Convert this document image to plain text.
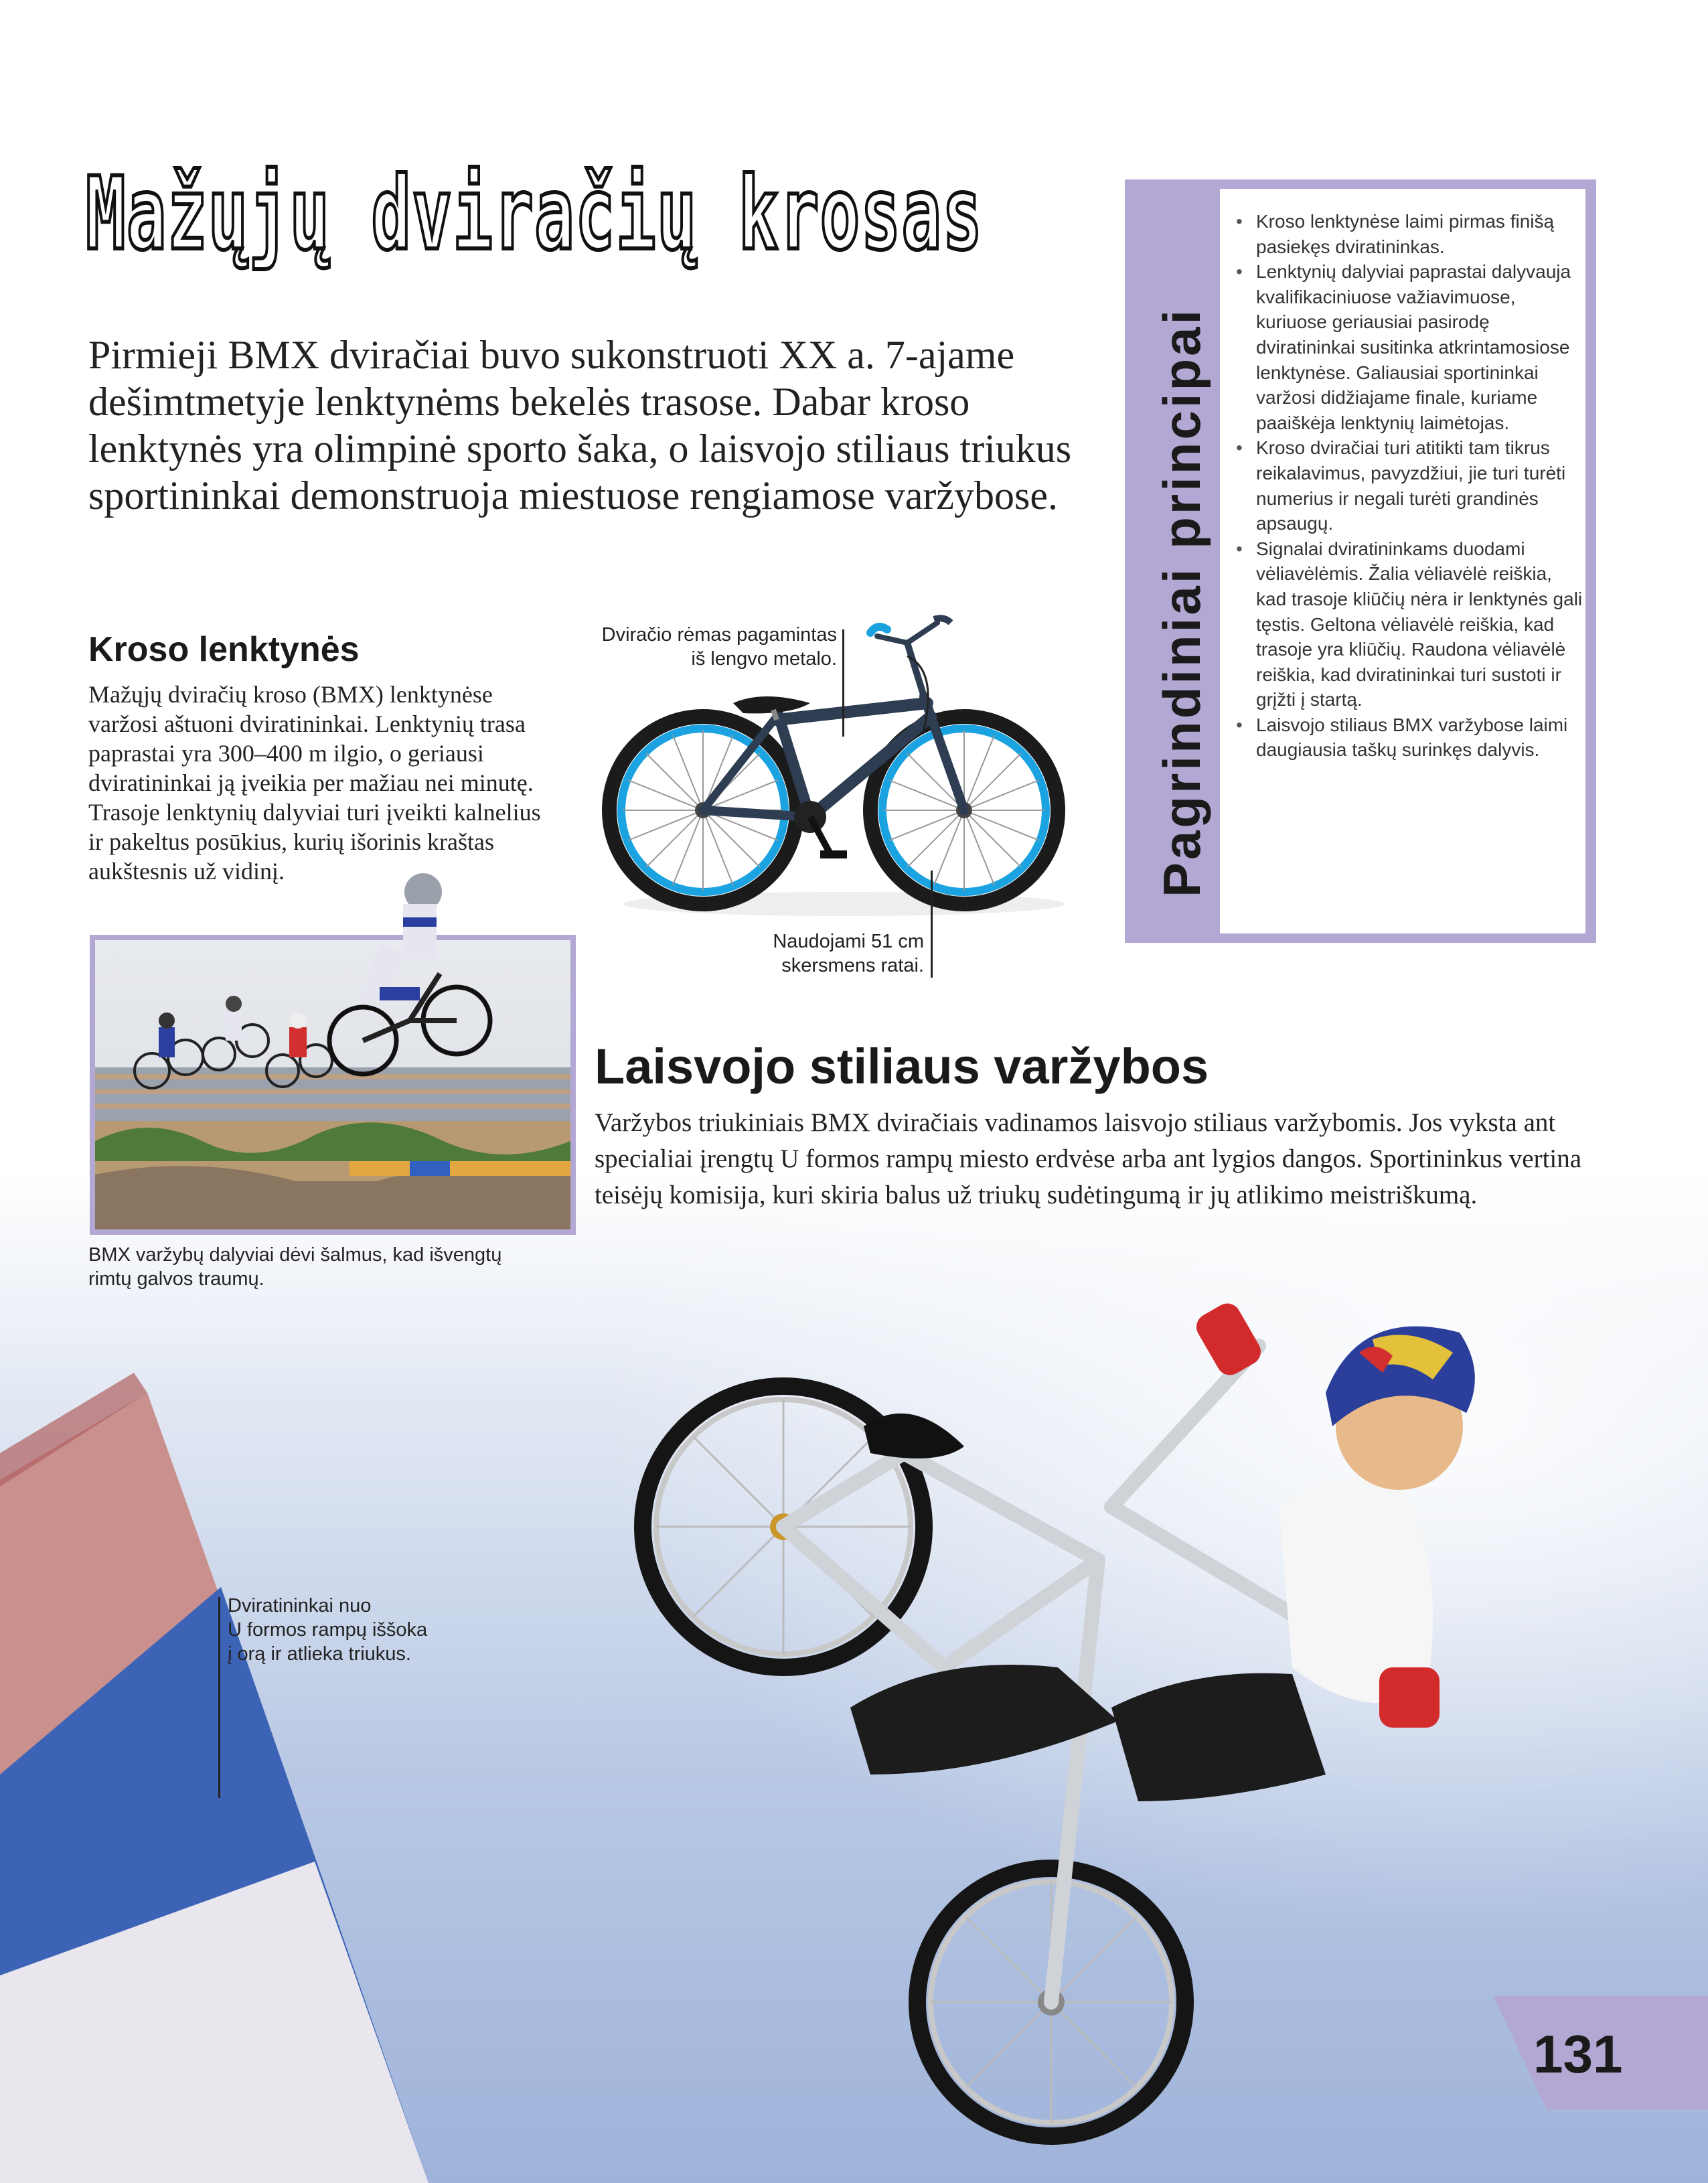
Mažųjų dviračių krosas
Pirmieji BMX dviračiai buvo sukonstruoti XX a. 7-ajame dešimtmetyje lenktynėms bekelės trasose. Dabar kroso lenktynės yra olimpinė sporto šaka, o laisvojo stiliaus triukus sportininkai demonstruoja miestuose rengiamose varžybose.
Kroso lenktynės
Mažųjų dviračių kroso (BMX) lenktynėse varžosi aštuoni dviratininkai. Lenktynių trasa paprastai yra 300–400 m ilgio, o geriausi dviratininkai ją įveikia per mažiau nei minutę. Trasoje lenktynių dalyviai turi įveikti kalnelius ir pakeltus posūkius, kurių išorinis kraštas aukštesnis už vidinį.
Dviračio rėmas pagamintas
iš lengvo metalo.
Naudojami 51 cm
skersmens ratai.
Pagrindiniai principai
• Kroso lenktynėse laimi pirmas finišą pasiekęs dviratininkas.
• Lenktynių dalyviai paprastai dalyvauja kvalifikaciniuose važiavimuose, kuriuose geriausiai pasirodę dviratininkai susitinka atkrintamosiose lenktynėse. Galiausiai sportininkai varžosi didžiajame finale, kuriame paaiškėja lenktynių laimėtojas.
• Kroso dviračiai turi atitikti tam tikrus reikalavimus, pavyzdžiui, jie turi turėti numerius ir negali turėti grandinės apsaugų.
• Signalai dviratininkams duodami vėliavėlėmis. Žalia vėliavėlė reiškia, kad trasoje kliūčių nėra ir lenktynės gali tęstis. Geltona vėliavėlė reiškia, kad trasoje yra kliūčių. Raudona vėliavėlė reiškia, kad dviratininkai turi sustoti ir grįžti į startą.
• Laisvojo stiliaus BMX varžybose laimi daugiausia taškų surinkęs dalyvis.
BMX varžybų dalyviai dėvi šalmus, kad išvengtų rimtų galvos traumų.
Laisvojo stiliaus varžybos
Varžybos triukiniais BMX dviračiais vadinamos laisvojo stiliaus varžybomis. Jos vyksta ant specialiai įrengtų U formos rampų miesto erdvėse arba ant lygios dangos. Sportininkus vertina teisėjų komisija, kuri skiria balus už triukų sudėtingumą ir jų atlikimo meistriškumą.
Dviratininkai nuo
U formos rampų iššoka
į orą ir atlieka triukus.
131
